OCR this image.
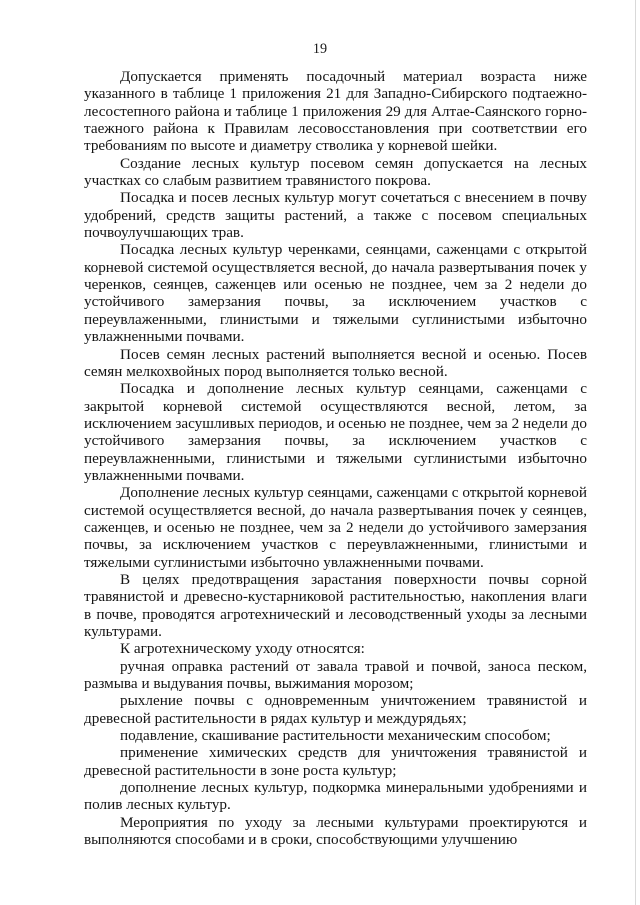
19

Допускается применять посадочный материал возраста ниже указанного в таблице 1 приложения 21 для Западно-Сибирского подтаежно-лесостепного района и таблице 1 приложения 29 для Алтае-Саянского горно-таежного района к Правилам лесовосстановления при соответствии его требованиям по высоте и диаметру стволика у корневой шейки.

Создание лесных культур посевом семян допускается на лесных участках со слабым развитием травянистого покрова.

Посадка и посев лесных культур могут сочетаться с внесением в почву удобрений, средств защиты растений, а также с посевом специальных почвоулучшающих трав.

Посадка лесных культур черенками, сеянцами, саженцами с открытой корневой системой осуществляется весной, до начала развертывания почек у черенков, сеянцев, саженцев или осенью не позднее, чем за 2 недели до устойчивого замерзания почвы, за исключением участков с переувлаженными, глинистыми и тяжелыми суглинистыми избыточно увлажненными почвами.

Посев семян лесных растений выполняется весной и осенью. Посев семян мелкохвойных пород выполняется только весной.

Посадка и дополнение лесных культур сеянцами, саженцами с закрытой корневой системой осуществляются весной, летом, за исключением засушливых периодов, и осенью не позднее, чем за 2 недели до устойчивого замерзания почвы, за исключением участков с переувлажненными, глинистыми и тяжелыми суглинистыми избыточно увлажненными почвами.

Дополнение лесных культур сеянцами, саженцами с открытой корневой системой осуществляется весной, до начала развертывания почек у сеянцев, саженцев, и осенью не позднее, чем за 2 недели до устойчивого замерзания почвы, за исключением участков с переувлажненными, глинистыми и тяжелыми суглинистыми избыточно увлажненными почвами.

В целях предотвращения зарастания поверхности почвы сорной травянистой и древесно-кустарниковой растительностью, накопления влаги в почве, проводятся агротехнический и лесоводственный уходы за лесными культурами.

К агротехническому уходу относятся:

ручная оправка растений от завала травой и почвой, заноса песком, размыва и выдувания почвы, выжимания морозом;

рыхление почвы с одновременным уничтожением травянистой и древесной растительности в рядах культур и междурядьях;

подавление, скашивание растительности механическим способом;

применение химических средств для уничтожения травянистой и древесной растительности в зоне роста культур;

дополнение лесных культур, подкормка минеральными удобрениями и полив лесных культур.

Мероприятия по уходу за лесными культурами проектируются и выполняются способами и в сроки, способствующими улучшению
